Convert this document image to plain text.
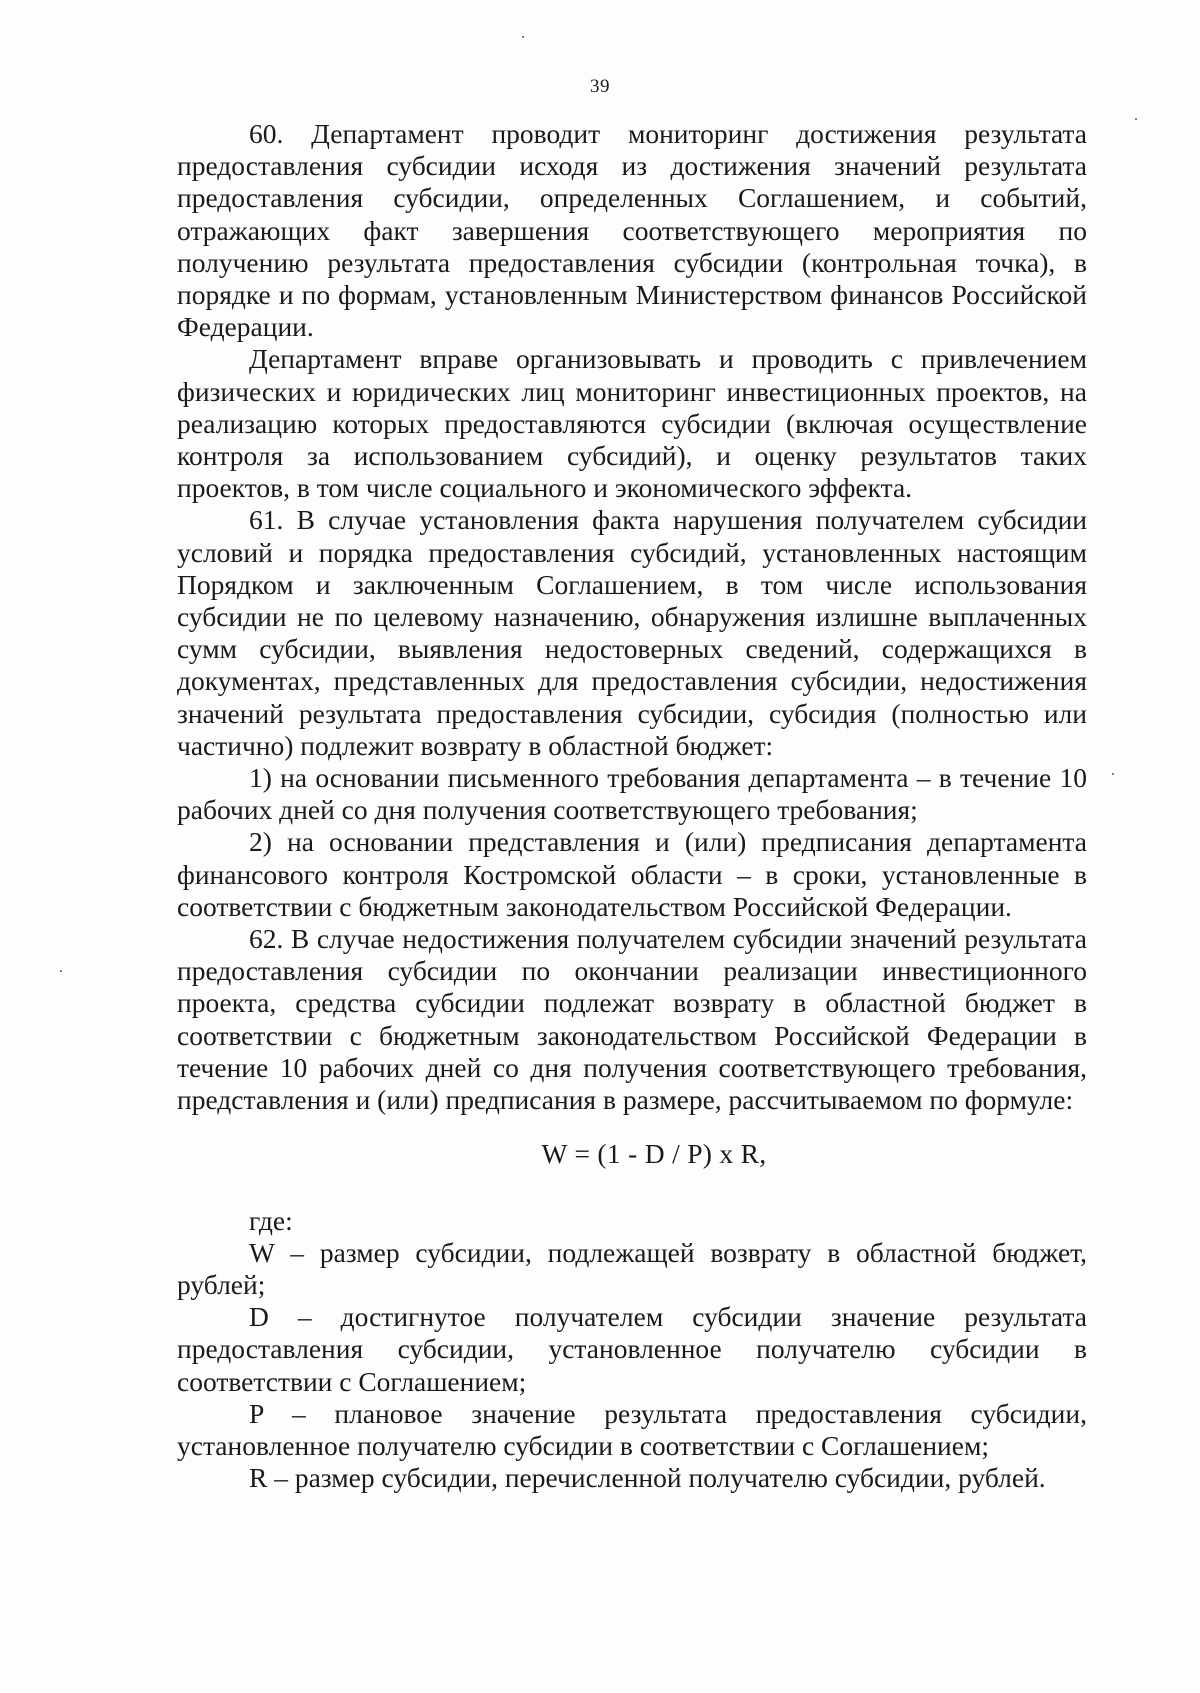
39

60. Департамент проводит мониторинг достижения результата предоставления субсидии исходя из достижения значений результата предоставления субсидии, определенных Соглашением, и событий, отражающих факт завершения соответствующего мероприятия по получению результата предоставления субсидии (контрольная точка), в порядке и по формам, установленным Министерством финансов Российской Федерации.

Департамент вправе организовывать и проводить с привлечением физических и юридических лиц мониторинг инвестиционных проектов, на реализацию которых предоставляются субсидии (включая осуществление контроля за использованием субсидий), и оценку результатов таких проектов, в том числе социального и экономического эффекта.

61. В случае установления факта нарушения получателем субсидии условий и порядка предоставления субсидий, установленных настоящим Порядком и заключенным Соглашением, в том числе использования субсидии не по целевому назначению, обнаружения излишне выплаченных сумм субсидии, выявления недостоверных сведений, содержащихся в документах, представленных для предоставления субсидии, недостижения значений результата предоставления субсидии, субсидия (полностью или частично) подлежит возврату в областной бюджет:

1) на основании письменного требования департамента – в течение 10 рабочих дней со дня получения соответствующего требования;

2) на основании представления и (или) предписания департамента финансового контроля Костромской области – в сроки, установленные в соответствии с бюджетным законодательством Российской Федерации.

62. В случае недостижения получателем субсидии значений результата предоставления субсидии по окончании реализации инвестиционного проекта, средства субсидии подлежат возврату в областной бюджет в соответствии с бюджетным законодательством Российской Федерации в течение 10 рабочих дней со дня получения соответствующего требования, представления и (или) предписания в размере, рассчитываемом по формуле:

W = (1 - D / P) x R,

где:

W – размер субсидии, подлежащей возврату в областной бюджет, рублей;

D – достигнутое получателем субсидии значение результата предоставления субсидии, установленное получателю субсидии в соответствии с Соглашением;

P – плановое значение результата предоставления субсидии, установленное получателю субсидии в соответствии с Соглашением;

R – размер субсидии, перечисленной получателю субсидии, рублей.
